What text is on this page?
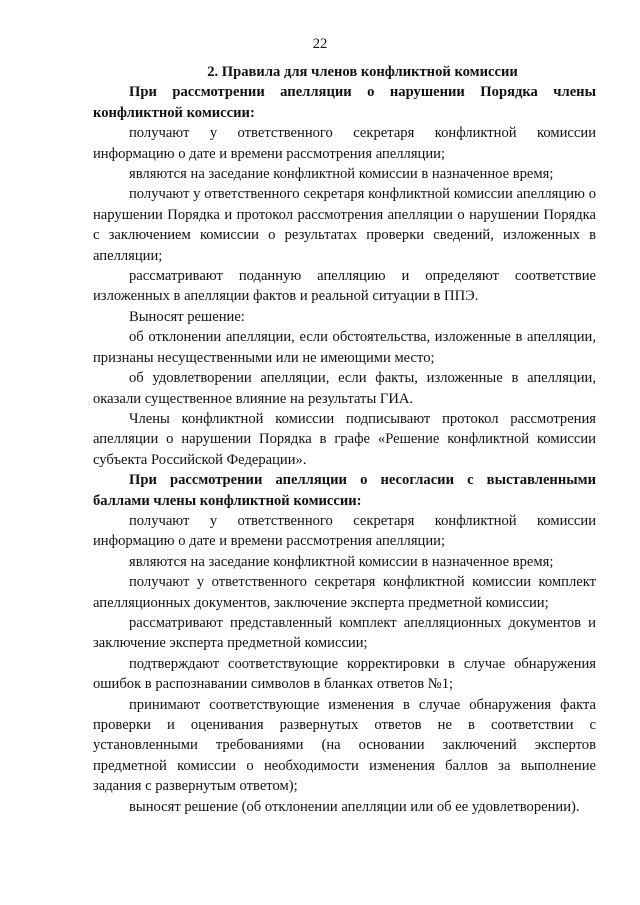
22
2. Правила для членов конфликтной комиссии

При рассмотрении апелляции о нарушении Порядка члены конфликтной комиссии:

получают у ответственного секретаря конфликтной комиссии информацию о дате и времени рассмотрения апелляции;

являются на заседание конфликтной комиссии в назначенное время;

получают у ответственного секретаря конфликтной комиссии апелляцию о нарушении Порядка и протокол рассмотрения апелляции о нарушении Порядка с заключением комиссии о результатах проверки сведений, изложенных в апелляции;

рассматривают поданную апелляцию и определяют соответствие изложенных в апелляции фактов и реальной ситуации в ППЭ.

Выносят решение:

об отклонении апелляции, если обстоятельства, изложенные в апелляции, признаны несущественными или не имеющими место;

об удовлетворении апелляции, если факты, изложенные в апелляции, оказали существенное влияние на результаты ГИА.

Члены конфликтной комиссии подписывают протокол рассмотрения апелляции о нарушении Порядка в графе «Решение конфликтной комиссии субъекта Российской Федерации».

При рассмотрении апелляции о несогласии с выставленными баллами члены конфликтной комиссии:

получают у ответственного секретаря конфликтной комиссии информацию о дате и времени рассмотрения апелляции;

являются на заседание конфликтной комиссии в назначенное время;

получают у ответственного секретаря конфликтной комиссии комплект апелляционных документов, заключение эксперта предметной комиссии;

рассматривают представленный комплект апелляционных документов и заключение эксперта предметной комиссии;

подтверждают соответствующие корректировки в случае обнаружения ошибок в распознавании символов в бланках ответов №1;

принимают соответствующие изменения в случае обнаружения факта проверки и оценивания развернутых ответов не в соответствии с установленными требованиями (на основании заключений экспертов предметной комиссии о необходимости изменения баллов за выполнение задания с развернутым ответом);

выносят решение (об отклонении апелляции или об ее удовлетворении).
